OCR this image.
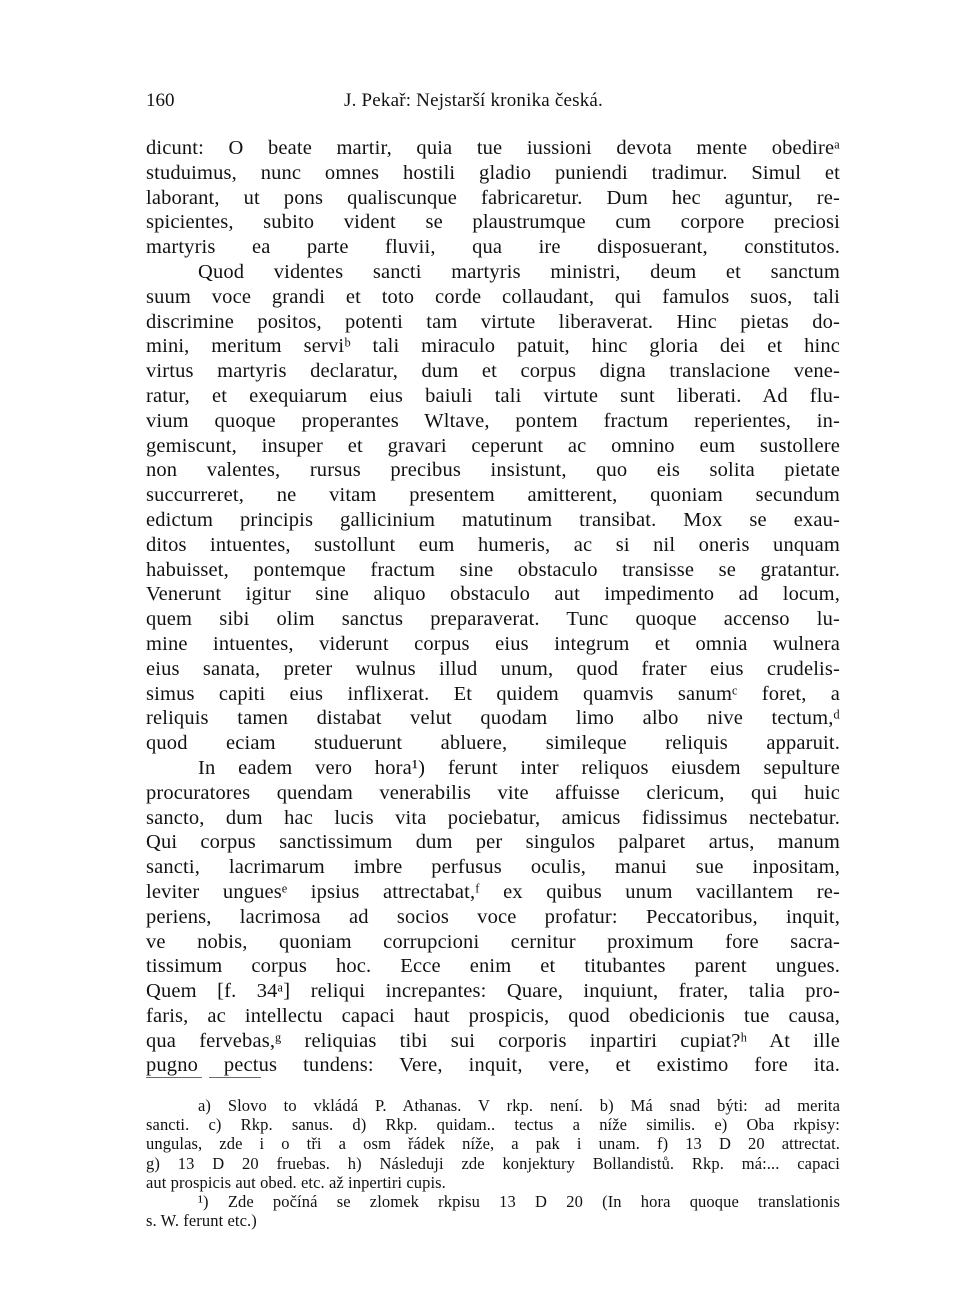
160	J. Pekař: Nejstarší kronika česká.
dicunt: O beate martir, quia tue iussioni devota mente obedireᵃ
studuimus, nunc omnes hostili gladio puniendi tradimur. Simul et
laborant, ut pons qualiscunque fabricaretur. Dum hec aguntur, re-
spicientes, subito vident se plaustrumque cum corpore preciosi
martyris ea parte fluvii, qua ire disposuerant, constitutos.
Quod videntes sancti martyris ministri, deum et sanctum
suum voce grandi et toto corde collaudant, qui famulos suos, tali
discrimine positos, potenti tam virtute liberaverat. Hinc pietas do-
mini, meritum serviᵇ tali miraculo patuit, hinc gloria dei et hinc
virtus martyris declaratur, dum et corpus digna translacione vene-
ratur, et exequiarum eius baiuli tali virtute sunt liberati. Ad flu-
vium quoque properantes Wltave, pontem fractum reperientes, in-
gemiscunt, insuper et gravari ceperunt ac omnino eum sustollere
non valentes, rursus precibus insistunt, quo eis solita pietate
succurreret, ne vitam presentem amitterent, quoniam secundum
edictum principis gallicinium matutinum transibat. Mox se exau-
ditos intuentes, sustollunt eum humeris, ac si nil oneris unquam
habuisset, pontemque fractum sine obstaculo transisse se gratantur.
Venerunt igitur sine aliquo obstaculo aut impedimento ad locum,
quem sibi olim sanctus preparaverat. Tunc quoque accenso lu-
mine intuentes, viderunt corpus eius integrum et omnia wulnera
eius sanata, preter wulnus illud unum, quod frater eius crudelis-
simus capiti eius inflixerat. Et quidem quamvis sanumᶜ foret, a
reliquis tamen distabat velut quodam limo albo nive tectum,ᵈ
quod eciam studuerunt abluere, simileque reliquis apparuit.
In eadem vero hora¹) ferunt inter reliquos eiusdem sepulture
procuratores quendam venerabilis vite affuisse clericum, qui huic
sancto, dum hac lucis vita pociebatur, amicus fidissimus nectebatur.
Qui corpus sanctissimum dum per singulos palparet artus, manum
sancti, lacrimarum imbre perfusus oculis, manui sue inpositam,
leviter unguesᵉ ipsius attrectabat,ᶠ ex quibus unum vacillantem re-
periens, lacrimosa ad socios voce profatur: Peccatoribus, inquit,
ve nobis, quoniam corrupcioni cernitur proximum fore sacra-
tissimum corpus hoc. Ecce enim et titubantes parent ungues.
Quem [f. 34ᵃ] reliqui increpantes: Quare, inquiunt, frater, talia pro-
faris, ac intellectu capaci haut prospicis, quod obedicionis tue causa,
qua fervebas,ᵍ reliquias tibi sui corporis inpartiri cupiat?ʰ At ille
pugno pectus tundens: Vere, inquit, vere, et existimo fore ita.
a) Slovo to vkládá P. Athanas. V rkp. není. b) Má snad býti: ad merita
sancti. c) Rkp. sanus. d) Rkp. quidam.. tectus a níže similis. e) Oba rkpisy:
ungulas, zde i o tři a osm řádek níže, a pak i unam. f) 13 D 20 attrectat.
g) 13 D 20 fruebas. h) Následuji zde konjektury Bollandistů. Rkp. má:... capaci
aut prospicis aut obed. etc. až inpertiri cupis.
¹) Zde počíná se zlomek rkpisu 13 D 20 (In hora quoque translationis
s. W. ferunt etc.)
